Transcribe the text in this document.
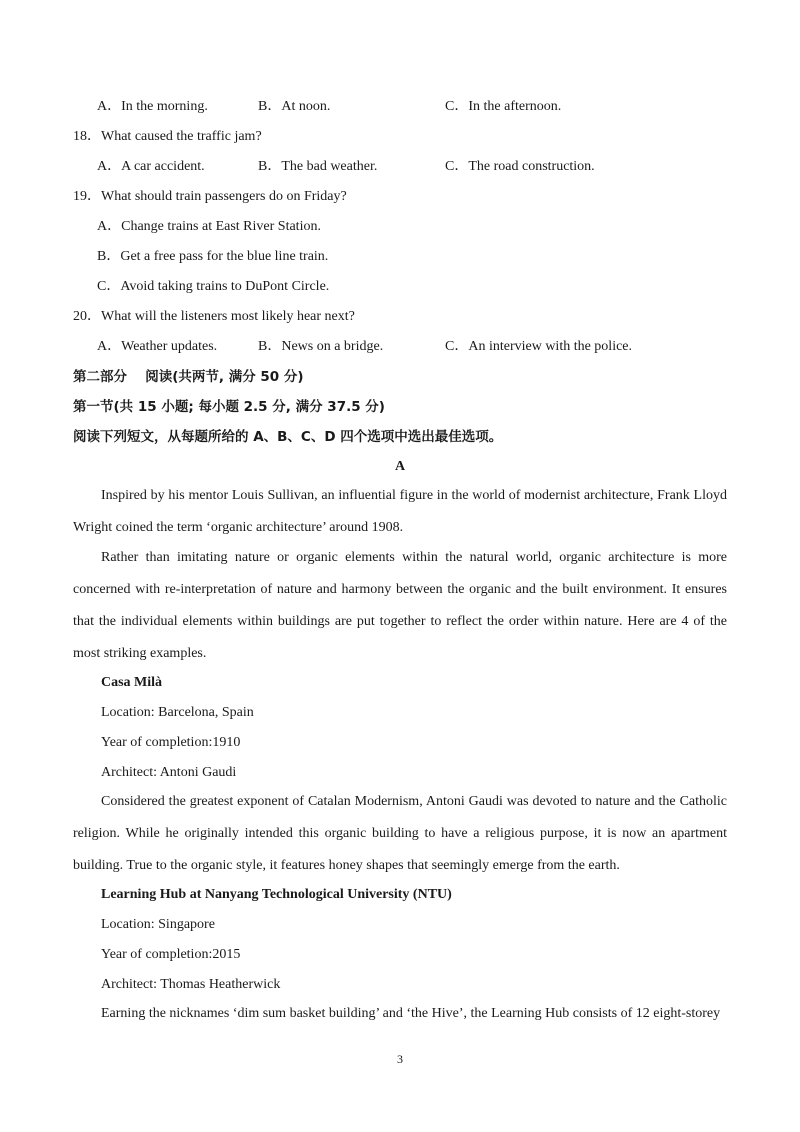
A．In the morning.	B．At noon.	C．In the afternoon.
18．What caused the traffic jam?
A．A car accident.	B．The bad weather.	C．The road construction.
19．What should train passengers do on Friday?
A．Change trains at East River Station.
B．Get a free pass for the blue line train.
C．Avoid taking trains to DuPont Circle.
20．What will the listeners most likely hear next?
A．Weather updates.	B．News on a bridge.	C．An interview with the police.
第二部分　 阅读(共两节, 满分 50 分)
第一节(共 15 小题; 每小题 2.5 分, 满分 37.5 分)
阅读下列短文，从每题所给的 A、B、C、D 四个选项中选出最佳选项。
A
Inspired by his mentor Louis Sullivan, an influential figure in the world of modernist architecture, Frank Lloyd Wright coined the term ‘organic architecture’ around 1908.
Rather than imitating nature or organic elements within the natural world, organic architecture is more concerned with re-interpretation of nature and harmony between the organic and the built environment. It ensures that the individual elements within buildings are put together to reflect the order within nature. Here are 4 of the most striking examples.
Casa Milà
Location: Barcelona, Spain
Year of completion:1910
Architect: Antoni Gaudi
Considered the greatest exponent of Catalan Modernism, Antoni Gaudi was devoted to nature and the Catholic religion. While he originally intended this organic building to have a religious purpose, it is now an apartment building. True to the organic style, it features honey shapes that seemingly emerge from the earth.
Learning Hub at Nanyang Technological University (NTU)
Location: Singapore
Year of completion:2015
Architect: Thomas Heatherwick
Earning the nicknames ‘dim sum basket building’ and ‘the Hive’, the Learning Hub consists of 12 eight-storey
3
